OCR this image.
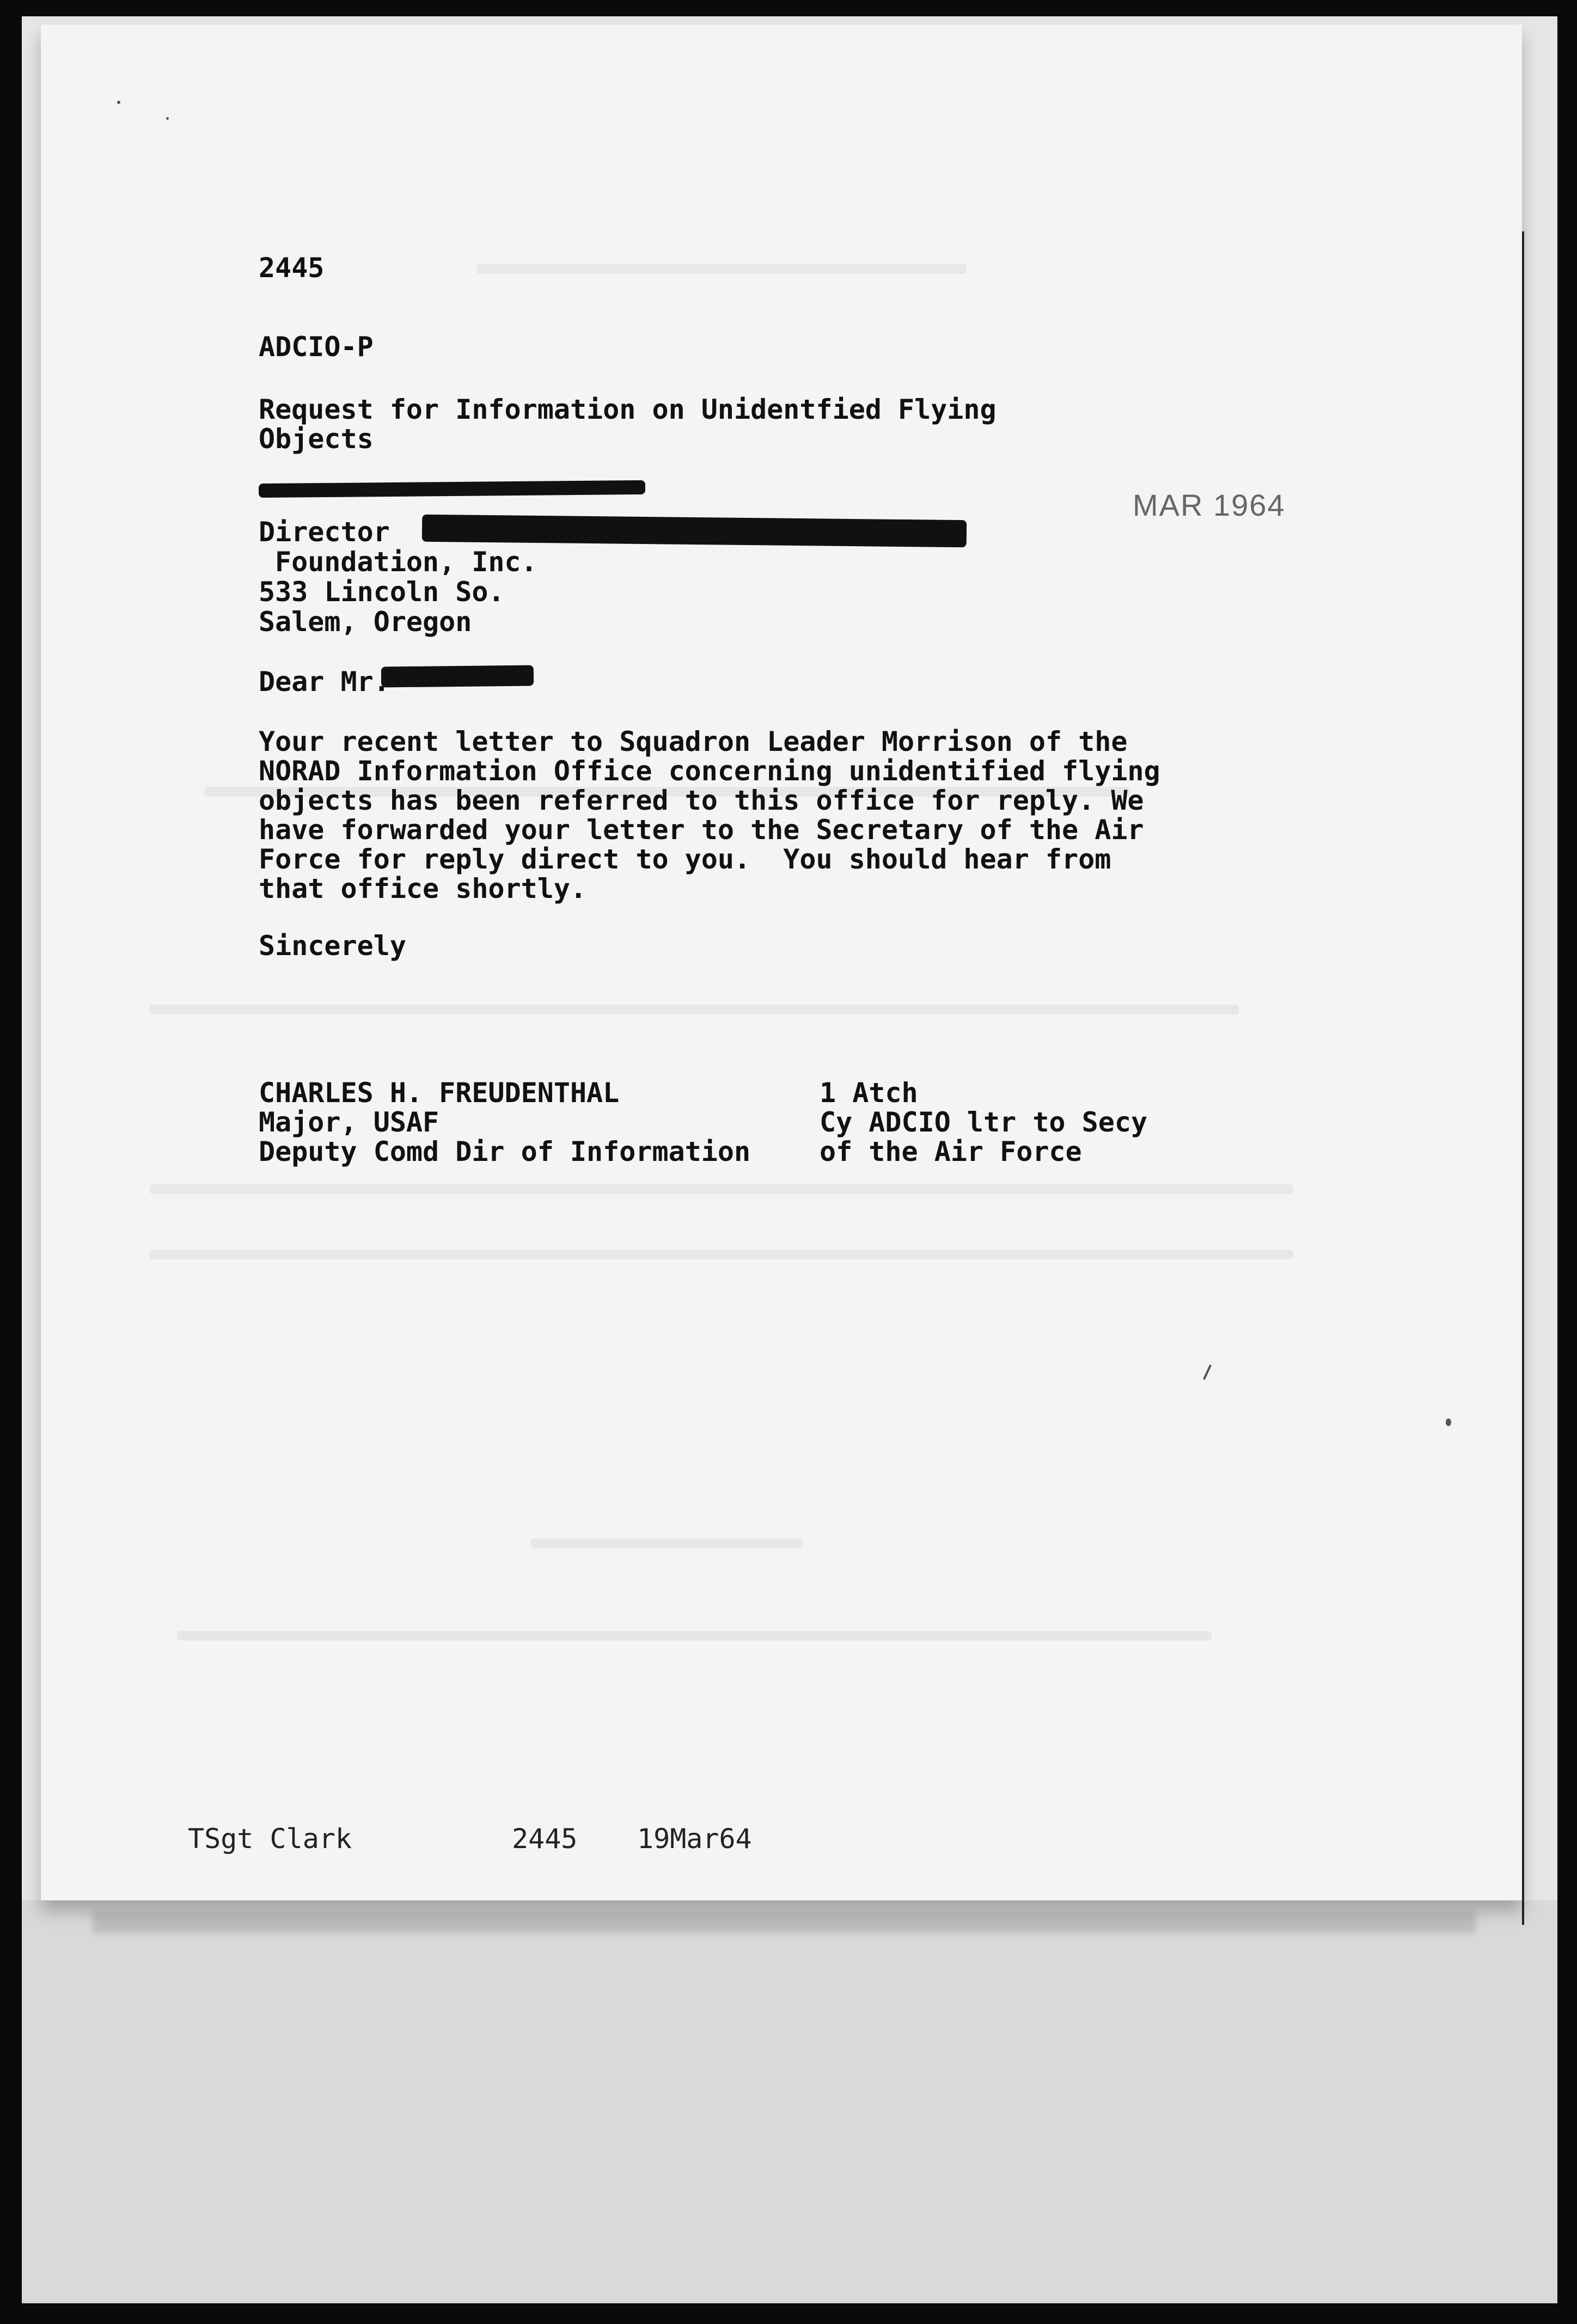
2445
ADCIO-P
Request for Information on Unidentfied Flying
Objects
MAR 1964
Director
Foundation, Inc.
533 Lincoln So.
Salem, Oregon
Dear Mr.
Your recent letter to Squadron Leader Morrison of the
NORAD Information Office concerning unidentified flying
objects has been referred to this office for reply. We
have forwarded your letter to the Secretary of the Air
Force for reply direct to you.  You should hear from
that office shortly.
Sincerely
CHARLES H. FREUDENTHAL
Major, USAF
Deputy Comd Dir of Information
1 Atch
Cy ADCIO ltr to Secy
of the Air Force
TSgt Clark	2445 19Mar64
